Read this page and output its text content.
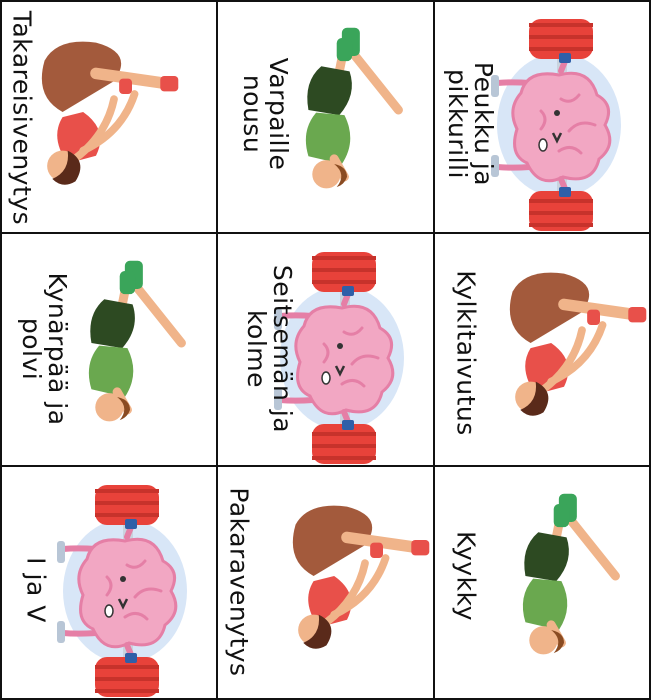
Takareisivenytys	Varpaille
nousu	Peukku ja
pikkurilli
Kynärpää ja
polvi	Seitsemän ja
kolme	Kylkitaivutus
I ja V	Pakaravenytys	Kyykky
